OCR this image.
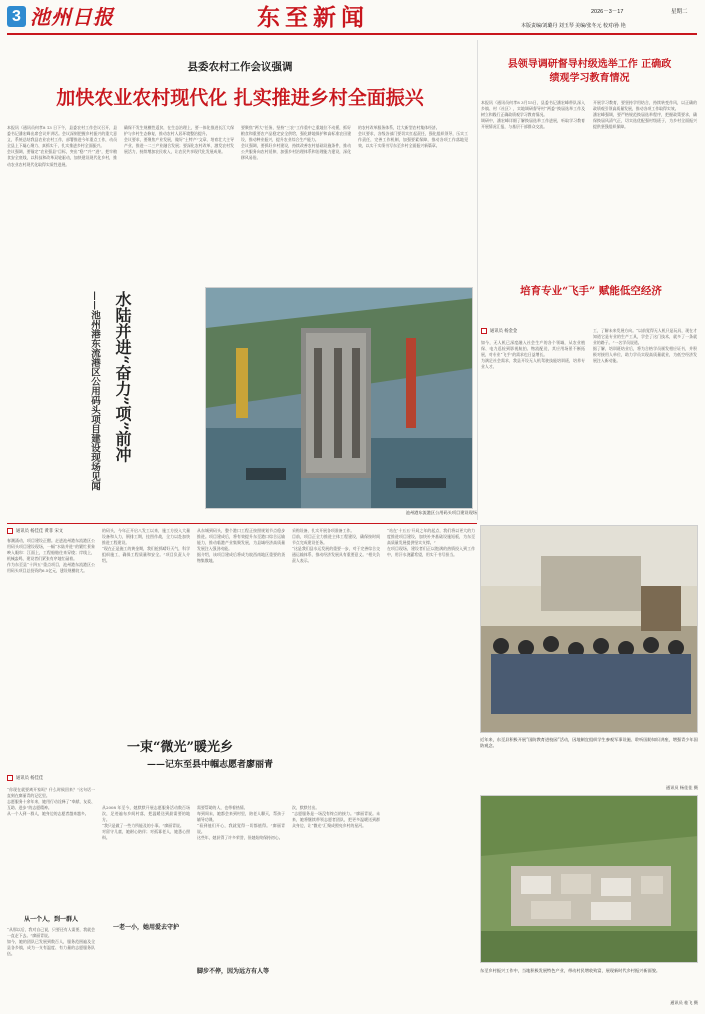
3 池州日报	东至新闻	2026－3－17	星期二
本版责编/刘璐丹 刘玉琴 美编/张冬元 校对/孙 艳
县委农村工作会议强调
加快农业农村现代化 扎实推进乡村全面振兴
本报讯（通讯员何孝8 13 日下午，县委农村工作会议召开，县委书记潘宏峰出席会议并讲话。会议深刻把握乡村振兴的重大意义，系统总结我县农业农村工作，部署推进今年重点工作，动员全县上下凝心聚力、真抓实干，扎实推进乡村全面振兴。
会议强调，要锚定“农业强县”目标，突出“稳”“兴”“进”，把牢粮食安全底线，以科技和改革双轮驱动，加快建设现代化乡村，推动农业农村现代化取得实质性进展。
确保不发生规模性返贫，在生态治理上，要一体化推进长江大保护与乡村生态修复，推动农村人居环境整治提升。
会议要求，要聚焦产业发展，做好“土特产”文章，培育壮大主导产业，推进一二三产业融合发展；要深化农村改革，激发农村发展活力，持续增加农民收入，让农民共享现代化发展成果。
要聚焦“两大”任务，坚持“三农”工作重中之重地位不动摇，抓好粮食和重要农产品稳定安全供给，强化耕地保护和高标准农田建设，推动种业振兴，提升农业综合生产能力。
会议强调，要抓好乡村建设，持续改善农村基础设施条件，推动公共服务向农村延伸，加强乡村治理体系和治理能力建设，深化移风易俗。
的农村改革服务体系，壮大新型农村集体经济。
会议要求，各级各部门要切实扛起责任，强化组织领导，压实工作责任，完善工作机制，加强要素保障，推动各项工作落地见效，以实干实绩书写东至乡村全面振兴新篇章。
县领导调研督导村级选举工作 正确政绩观学习教育情况
本报讯（通讯员何孝8 3月15日，县委书记潘宏峰带队深入乡镇、村（社区），实地调研督导村“两委”换届选举工作及树立和践行正确政绩观学习教育情况。
调研中，潘宏峰详细了解换届选举工作进展，听取学习教育开展情况汇报，与基层干部群众交流。
开展学习教育，要坚持学用结合，持续转变作风，以正确的政绩观引领高质量发展，推动各项工作取得实效。
潘宏峰强调，要严格规范换届选举程序，把握政策要求，确保换届风清气正，切实选优配强村级班子，为乡村全面振兴提供坚强组织保障。
培育专业“飞手” 赋能低空经济
通讯员 杨金金
如今，无人机已深度融入社会生产的各个领域，从农业植保、电力巡检到影视航拍、物流配送，其应用场景不断拓展，对专业“飞手”的需求也日益增长。
为满足社会需求，我县开设无人机驾驶技能培训班，培养专业人才。
工，了解未来发展方向。“以前觉得无人机只是玩具，现在才知道它是专业的生产工具，学会了这门技术，就多了一条就业的路子。”一名学员说道。
据了解，培训班结业后，将为合格学员颁发相应证书，并积极对接用人单位，助力学员实现高质量就业，为低空经济发展注入新动能。
水陆并进“奋力”项”前冲
——池州港东流港区公用码头项目建设现场见闻
池州港东流港区公用码头项目建设现场
通讯员 杨佳佳 黄菲 宋文
春潮涌动，项目建设正酣。走进池州港东流港区公用码头项目建设现场，一幅“水陆并进”的繁忙景象映入眼帘：江面上，工程船舶往来穿梭；岸线上，机械轰鸣，建设者们紧张有序地忙碌着。
作为东至县“十四五”重点项目，池州港东流港区公用码头项目总投资约6.5亿元，建设规模较大。
的码头，今年正开启八发工以来，施工方投入大量设备和人力，倒排工期，挂图作战，全力以赴加快推进工程建设。
“现在正是施工的黄金期，我们抢抓晴好天气，科学组织施工，确保工程质量和安全。”项目负责人介绍。
从东城到码头，整个港口工程正按照规划节点稳步推进。项目建成后，将有效提升东至港口综合运输能力，推动临港产业集聚发展，为县域经济高质量发展注入强劲动能。
据介绍，该项目建成后将成为皖西南地区重要的货物集散地。
采购设备，扎实开展各项准备工作。
目前，项目正全力推进主体工程建设，确保按时间节点完成建设任务。
“这是我们县水运发展的重要一步，对于完善综合交通运输体系、推动经济发展具有重要意义。”相关负责人表示。
“站在‘十五五’开局之年的起点，我们将以更大的力度推进项目建设，加快补齐基础设施短板，为东至高质量发展提供坚实支撑。”
在项目现场，建设者们正以饱满的热情投入到工作中，用汗水浇灌希望，用实干书写担当。
近年来，东至县积极开展“国防教育进校园”活动，因地制宜组织学生参观军事设施、聆听国防知识讲座，增强青少年国防观念。
通讯员 杨佳佳 摄
一束“微光”暖光乡
——记东至县中帼志愿者廖丽青
通讯员 杨佳佳
“你现在就要离开家吗？什么时候回来？”这句话一直刻在廖丽青的记忆里。
志愿服务十余年来，她用行动诠释了“奉献、友爱、互助、进步”的志愿精神。
从一个人到一群人，她身边的志愿者越来越多。
从一个人，到一群人
“从那以后，我对自己说，只要还有人需要，我就会一直走下去。”廖丽青说。
如今，她的团队已发展到数百人，服务范围遍及全县各乡镇，成为一支有温度、有力量的志愿服务队伍。
从2008 年至今，她默默开展志愿服务活动数百场次，足迹遍布乡间村落，把温暖送到最需要的地方。
“我只是做了一些力所能及的小事。”廖丽青说。
对留守儿童，她耐心陪伴；对孤寡老人，她悉心照料。
一老一小，她用爱去守护
需要帮助的人，也带着热情。
每到周末，她都会来到村里，陪老人聊天，帮孩子辅导功课。
“看到他们开心，我就觉得一切都值得。”廖丽青说。
这些年，她获得了许多荣誉，但她始终保持初心。
脚步不停，因为远方有人等
次，默默付出。
“志愿服务是一场没有终点的接力。”廖丽青说。未来，她将继续带领志愿者团队，把更多温暖送到群众身边，让“微光”汇聚成照亮乡村的星河。
东至乡村振兴工作中，当地积极发展特色产业，带动村民增收致富，展现新时代乡村振兴新面貌。
通讯员 桂飞 摄
